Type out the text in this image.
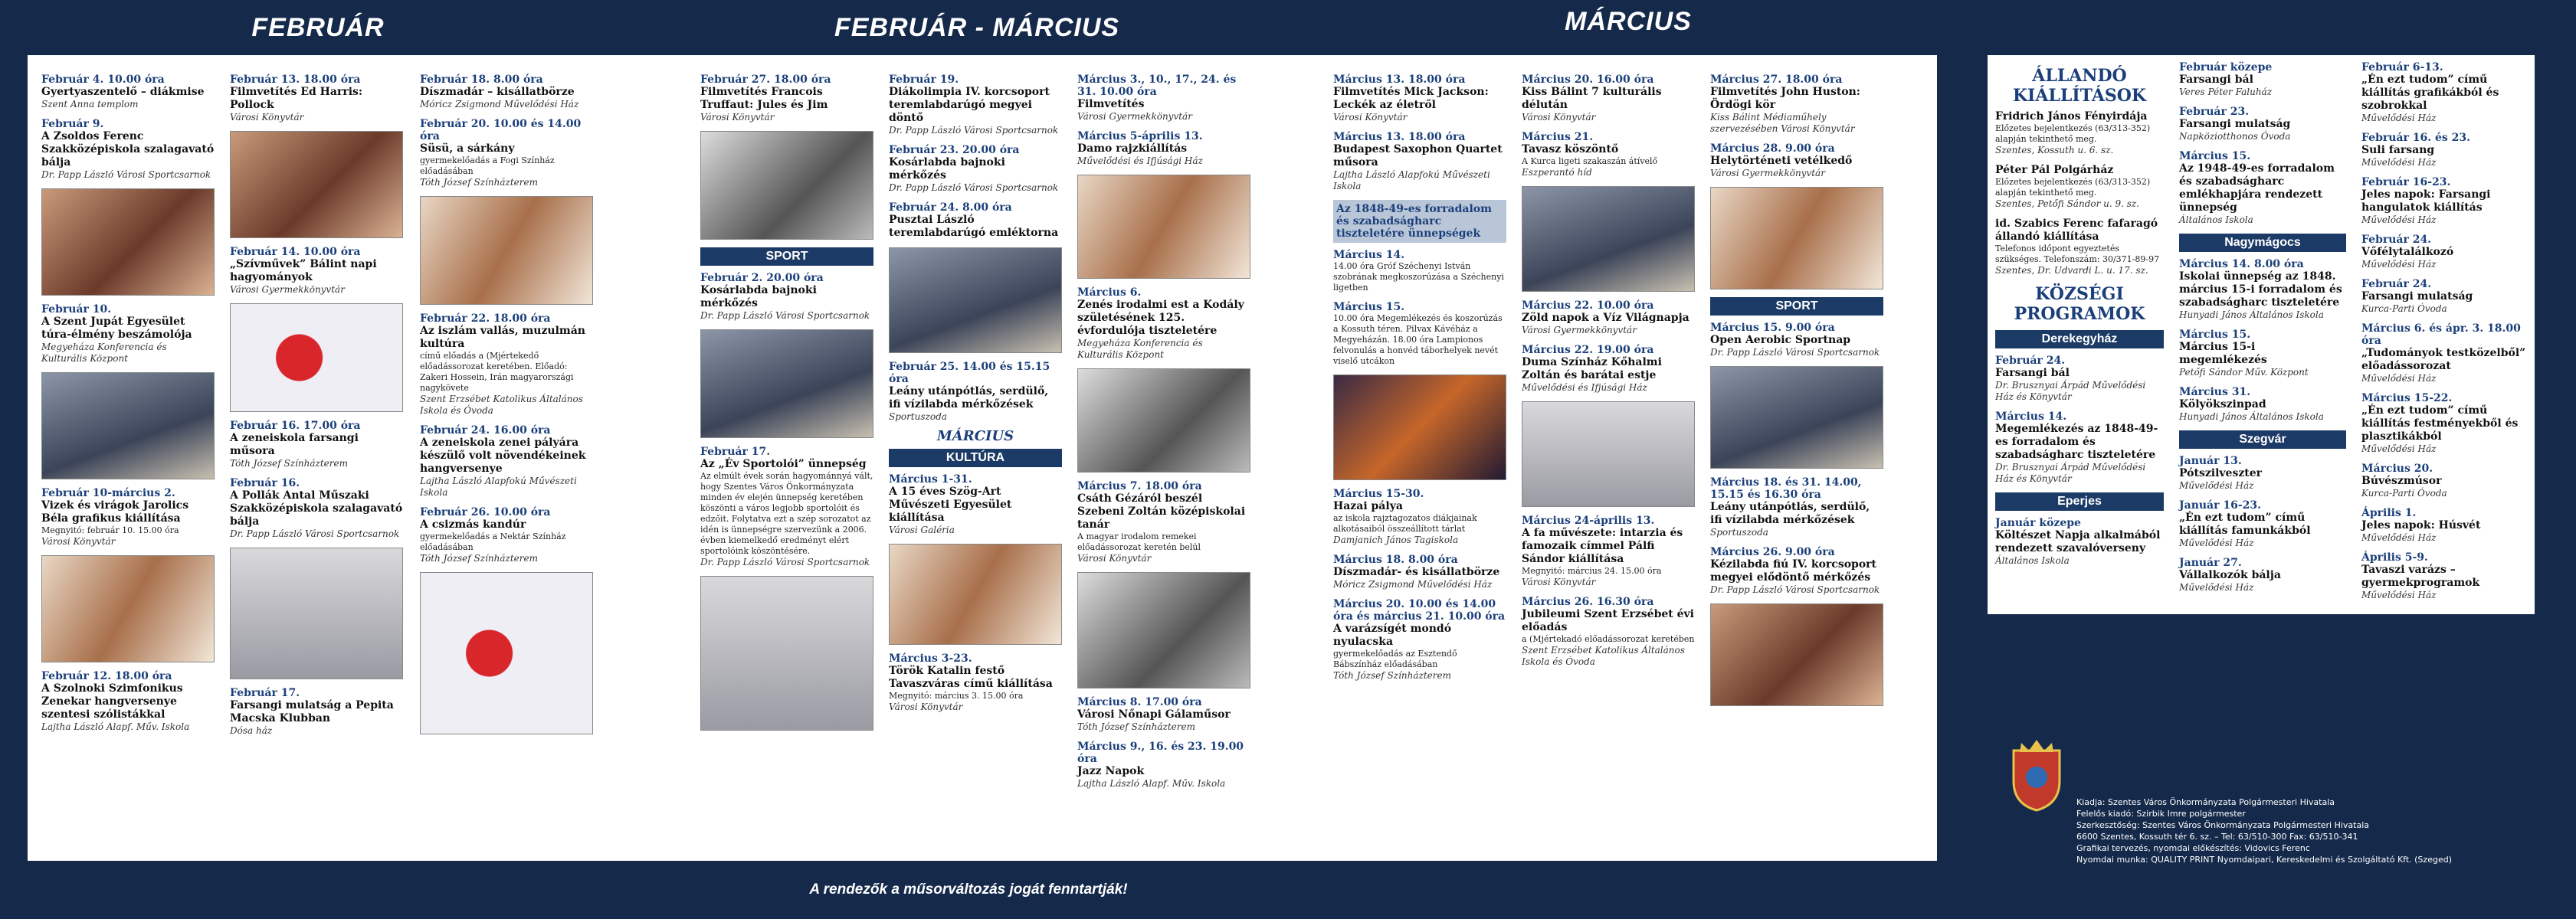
FEBRUÁR	FEBRUÁR - MÁRCIUS	MÁRCIUS
Február 4. 10.00 óra
Gyertyaszentelő – diákmise
Szent Anna templom
Február 9.
A Zsoldos Ferenc Szakközépiskola szalagavató bálja
Dr. Papp László Városi Sportcsarnok
Február 10.
A Szent Jupát Egyesület túra-élmény beszámolója
Megyeháza Konferencia és Kulturális Központ
Február 10-március 2.
Vizek és virágok Jarolics Béla grafikus kiállítása
Megnyitó: február 10. 15.00 óra
Városi Könyvtár
Február 12. 18.00 óra
A Szolnoki Szimfonikus Zenekar hangversenye szentesi szólistákkal
Lajtha László Alapf. Műv. Iskola
Február 13. 18.00 óra
Filmvetítés Ed Harris: Pollock
Városi Könyvtár
Február 14. 10.00 óra
„Szívművek” Bálint napi hagyományok
Városi Gyermekkönyvtár
Február 16. 17.00 óra
A zeneiskola farsangi műsora
Tóth József Színházterem
Február 16.
A Pollák Antal Műszaki Szakközépiskola szalagavató bálja
Dr. Papp László Városi Sportcsarnok
Február 17.
Farsangi mulatság a Pepita Macska Klubban
Dósa ház
Február 18. 8.00 óra
Díszmadár – kisállatbörze
Móricz Zsigmond Művelődési Ház
Február 20. 10.00 és 14.00 óra
Süsü, a sárkány
gyermekelőadás a Fogi Színház előadásában
Tóth József Színházterem
Február 22. 18.00 óra
Az iszlám vallás, muzulmán kultúra
című előadás a (Mjértekedő előadássorozat keretében. Előadó: Zakeri Hossein, Irán magyarországi nagykövete
Szent Erzsébet Katolikus Általános Iskola és Óvoda
Február 24. 16.00 óra
A zeneiskola zenei pályára készülő volt növendékeinek hangversenye
Lajtha László Alapfokú Művészeti Iskola
Február 26. 10.00 óra
A csizmás kandúr
gyermekelőadás a Nektár Színház előadásában
Tóth József Színházterem
Február 27. 18.00 óra
Filmvetítés Francois Truffaut: Jules és Jim
Városi Könyvtár
SPORT
Február 2. 20.00 óra
Kosárlabda bajnoki mérkőzés
Dr. Papp László Városi Sportcsarnok
Február 17.
Az „Év Sportolói” ünnepség
Az elmúlt évek során hagyománnyá vált, hogy Szentes Város Önkormányzata minden év elején ünnepség keretében köszönti a város legjobb sportolóit és edzőit. Folytatva ezt a szép sorozatot az idén is ünnepségre szervezünk a 2006. évben kiemelkedő eredményt elért sportolóink köszöntésére.
Dr. Papp László Városi Sportcsarnok
Február 19.
Diákolimpia IV. korcsoport teremlabdarúgó megyei döntő
Dr. Papp László Városi Sportcsarnok
Február 23. 20.00 óra
Kosárlabda bajnoki mérkőzés
Dr. Papp László Városi Sportcsarnok
Február 24. 8.00 óra
Pusztai László teremlabdarúgó emléktorna
Február 25. 14.00 és 15.15 óra
Leány utánpótlás, serdülő, ifi vízilabda mérkőzések
Sportuszoda
MÁRCIUS
KULTÚRA
Március 1-31.
A 15 éves Szög-Art Művészeti Egyesület kiállítása
Városi Galéria
Március 3-23.
Török Katalin festő Tavaszváras című kiállítása
Megnyitó: március 3. 15.00 óra
Városi Könyvtár
Március 3., 10., 17., 24. és 31. 10.00 óra
Filmvetítés
Városi Gyermekkönyvtár
Március 5-április 13.
Damo rajzkiállítás
Művelődési és Ifjúsági Ház
Március 6.
Zenés irodalmi est a Kodály születésének 125. évfordulója tiszteletére
Megyeháza Konferencia és Kulturális Központ
Március 7. 18.00 óra
Csáth Gézáról beszél Szebeni Zoltán középiskolai tanár
A magyar irodalom remekei előadássorozat keretén belül
Városi Könyvtár
Március 8. 17.00 óra
Városi Nőnapi Gálaműsor
Tóth József Színházterem
Március 9., 16. és 23. 19.00 óra
Jazz Napok
Lajtha László Alapf. Műv. Iskola
Március 13. 18.00 óra
Filmvetítés Mick Jackson: Leckék az életről
Városi Könyvtár
Március 13. 18.00 óra
Budapest Saxophon Quartet műsora
Lajtha László Alapfokú Művészeti Iskola
Az 1848-49-es forradalom és szabadságharc tiszteletére ünnepségek
Március 14.
14.00 óra Gróf Széchenyi István szobrának megkoszorúzása a Széchenyi ligetben
Március 15.
10.00 óra Megemlékezés és koszorúzás a Kossuth téren. Pilvax Kávéház a Megyeházán. 18.00 óra Lampionos felvonulás a honvéd táborhelyek nevét viselő utcákon
Március 15-30.
Hazai pálya
az iskola rajztagozatos diákjainak alkotásaiból összeállított tárlat
Damjanich János Tagiskola
Március 18. 8.00 óra
Díszmadár- és kisállatbörze
Móricz Zsigmond Művelődési Ház
Március 20. 10.00 és 14.00 óra és március 21. 10.00 óra
A varázsígét mondó nyulacska
gyermekelőadás az Esztendő Bábszínház előadásában
Tóth József Színházterem
Március 20. 16.00 óra
Kiss Bálint 7 kulturális délután
Városi Könyvtár
Március 21.
Tavasz köszöntő
A Kurca ligeti szakaszán átívelő
Eszperantó híd
Március 22. 10.00 óra
Zöld napok a Víz Világnapja
Városi Gyermekkönyvtár
Március 22. 19.00 óra
Duma Színház Kőhalmi Zoltán és barátai estje
Művelődési és Ifjúsági Ház
Március 24-április 13.
A fa művészete: intarzia és famozaik címmel Pálfi Sándor kiállítása
Megnyitó: március 24. 15.00 óra
Városi Könyvtár
Március 26. 16.30 óra
Jubileumi Szent Erzsébet évi előadás
a (Mjértekadó előadássorozat keretében
Szent Erzsébet Katolikus Általános Iskola és Óvoda
Március 27. 18.00 óra
Filmvetítés John Huston: Ördögi kör
Kiss Bálint Médiaműhely szervezésében Városi Könyvtár
Március 28. 9.00 óra
Helytörténeti vetélkedő
Városi Gyermekkönyvtár
SPORT
Március 15. 9.00 óra
Open Aerobic Sportnap
Dr. Papp László Városi Sportcsarnok
Március 18. és 31. 14.00, 15.15 és 16.30 óra
Leány utánpótlás, serdülő, ifi vízilabda mérkőzések
Sportuszoda
Március 26. 9.00 óra
Kézilabda fiú IV. korcsoport megyei elődöntő mérkőzés
Dr. Papp László Városi Sportcsarnok
ÁLLANDÓ KIÁLLÍTÁSOK
Fridrich János Fényirdája
Előzetes bejelentkezés (63/313-352) alapján tekinthető meg.
Szentes, Kossuth u. 6. sz.
Péter Pál Polgárház
Előzetes bejelentkezés (63/313-352) alapján tekinthető meg.
Szentes, Petőfi Sándor u. 9. sz.
id. Szabics Ferenc fafaragó állandó kiállítása
Telefonos időpont egyeztetés szükséges. Telefonszám: 30/371-89-97
Szentes, Dr. Udvardi L. u. 17. sz.
KÖZSÉGI PROGRAMOK
Derekegyház
Február 24.
Farsangi bál
Dr. Brusznyai Árpád Művelődési Ház és Könyvtár
Március 14.
Megemlékezés az 1848-49-es forradalom és szabadságharc tiszteletére
Dr. Brusznyai Árpád Művelődési Ház és Könyvtár
Eperjes
Január közepe
Költészet Napja alkalmából rendezett szavalóverseny
Általános Iskola
Február közepe
Farsangi bál
Veres Péter Faluház
Február 23.
Farsangi mulatság
Napköziotthonos Óvoda
Március 15.
Az 1948-49-es forradalom és szabadságharc emlékhapjára rendezett ünnepség
Általános Iskola
Nagymágocs
Március 14. 8.00 óra
Iskolai ünnepség az 1848. március 15-i forradalom és szabadságharc tiszteletére
Hunyadi János Általános Iskola
Március 15.
Március 15-i megemlékezés
Petőfi Sándor Műv. Központ
Március 31.
Kölyökszinpad
Hunyadi János Általános Iskola
Szegvár
Január 13.
Pótszilveszter
Művelődési Ház
Január 16-23.
„Én ezt tudom” című kiállítás famunkákból
Művelődési Ház
Január 27.
Vállalkozók bálja
Művelődési Ház
Február 6-13.
„Én ezt tudom” című kiállítás grafikákból és szobrokkal
Művelődési Ház
Február 16. és 23.
Suli farsang
Művelődési Ház
Február 16-23.
Jeles napok: Farsangi hangulatok kiállítás
Művelődési Ház
Február 24.
Vőfélytalálkozó
Művelődési Ház
Február 24.
Farsangi mulatság
Kurca-Parti Óvoda
Március 6. és ápr. 3. 18.00 óra
„Tudományok testközelből” előadássorozat
Művelődési Ház
Március 15-22.
„Én ezt tudom” című kiállítás festményekből és plasztikákból
Művelődési Ház
Március 20.
Búvészmúsor
Kurca-Parti Óvoda
Április 1.
Jeles napok: Húsvét
Művelődési Ház
Április 5-9.
Tavaszi varázs – gyermekprogramok
Művelődési Ház
Kiadja: Szentes Város Önkormányzata Polgármesteri Hivatala
Felelős kiadó: Szirbik Imre polgármester
Szerkesztőség: Szentes Város Önkormányzata Polgármesteri Hivatala
6600 Szentes, Kossuth tér 6. sz. – Tel: 63/510-300 Fax: 63/510-341
Grafikai tervezés, nyomdai előkészítés: Vidovics Ferenc
Nyomdai munka: QUALITY PRINT Nyomdaipari, Kereskedelmi és Szolgáltató Kft. (Szeged)
A rendezők a műsorváltozás jogát fenntartják!
